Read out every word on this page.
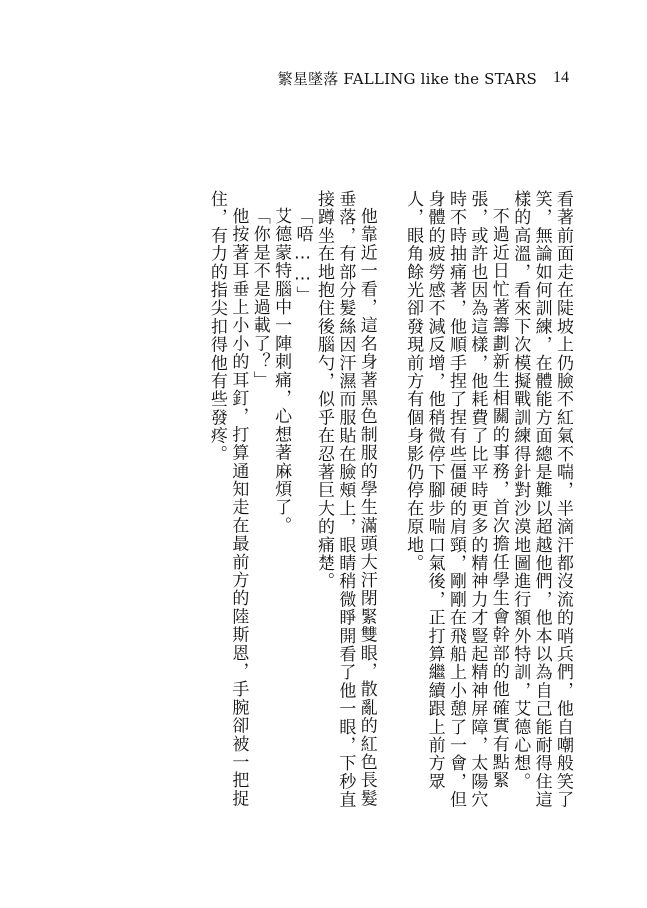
繁星墜落 FALLING like the STARS	14

看著前面走在陡坡上仍臉不紅氣不喘，半滴汗都沒流的哨兵們，他自嘲般笑了笑，無論如何訓練，在體能方面總是難以超越他們，他本以為自己能耐得住這樣的高溫，看來下次模擬戰訓練得針對沙漠地圖進行額外特訓，艾德心想。

不過近日忙著籌劃新生相關的事務，首次擔任學生會幹部的他確實有點緊張，或許也因為這樣，他耗費了比平時更多的精神力才豎起精神屏障，太陽穴時不時抽痛著，他順手捏了捏有些僵硬的肩頸，剛剛在飛船上小憩了一會，但身體的疲勞感不減反增，他稍微停下腳步喘口氣後，正打算繼續跟上前方眾人，眼角餘光卻發現前方有個身影仍停在原地。

他靠近一看，這名身著黑色制服的學生滿頭大汗閉緊雙眼，散亂的紅色長髮垂落，有部分髮絲因汗濕而服貼在臉頰上，眼睛稍微睜開看了他一眼，下秒直接蹲坐在地抱住後腦勺，似乎在忍著巨大的痛楚。

「唔……」

艾德蒙特腦中一陣刺痛，心想著麻煩了。

「你是不是過載了？」

他按著耳垂上小小的耳釘，打算通知走在最前方的陸斯恩，手腕卻被一把捉住，有力的指尖扣得他有些發疼。
